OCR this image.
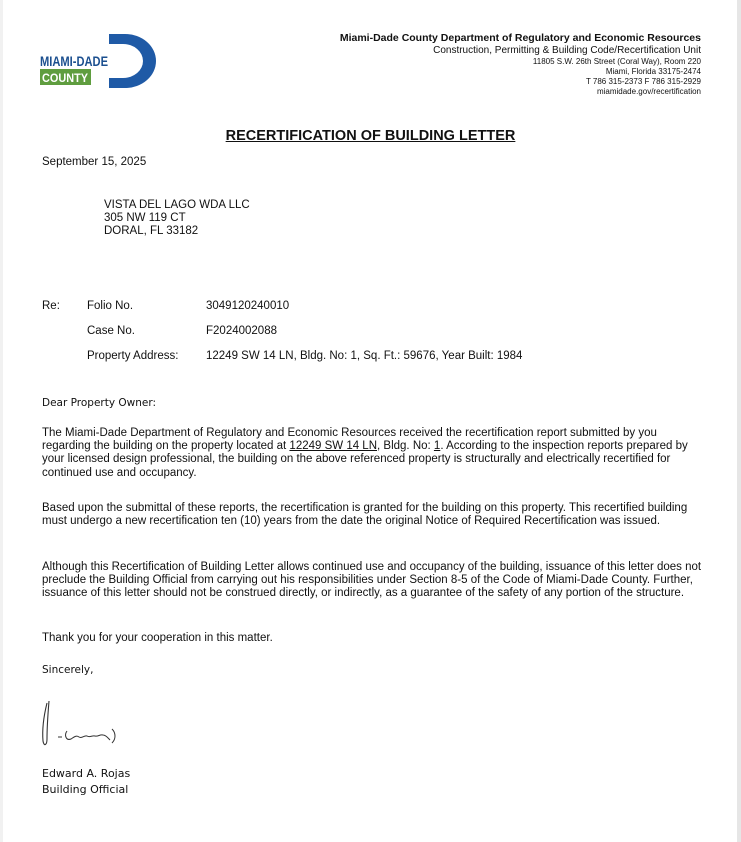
MIAMI-DADE
COUNTY
Miami-Dade County Department of Regulatory and Economic Resources
Construction, Permitting & Building Code/Recertification Unit
11805 S.W. 26th Street (Coral Way), Room 220
Miami, Florida 33175-2474
T 786 315-2373 F 786 315-2929
miamidade.gov/recertification
RECERTIFICATION OF BUILDING LETTER
September 15, 2025
VISTA DEL LAGO WDA LLC
305 NW 119 CT
DORAL, FL 33182
Re: Folio No.	3049120240010
Case No.	F2024002088
Property Address: 12249 SW 14 LN, Bldg. No: 1, Sq. Ft.: 59676, Year Built: 1984
Dear Property Owner:
The Miami-Dade Department of Regulatory and Economic Resources received the recertification report submitted by you regarding the building on the property located at 12249 SW 14 LN, Bldg. No: 1. According to the inspection reports prepared by your licensed design professional, the building on the above referenced property is structurally and electrically recertified for continued use and occupancy.
Based upon the submittal of these reports, the recertification is granted for the building on this property. This recertified building must undergo a new recertification ten (10) years from the date the original Notice of Required Recertification was issued.
Although this Recertification of Building Letter allows continued use and occupancy of the building, issuance of this letter does not preclude the Building Official from carrying out his responsibilities under Section 8-5 of the Code of Miami-Dade County. Further, issuance of this letter should not be construed directly, or indirectly, as a guarantee of the safety of any portion of the structure.
Thank you for your cooperation in this matter.
Sincerely,
Edward A. Rojas
Building Official
